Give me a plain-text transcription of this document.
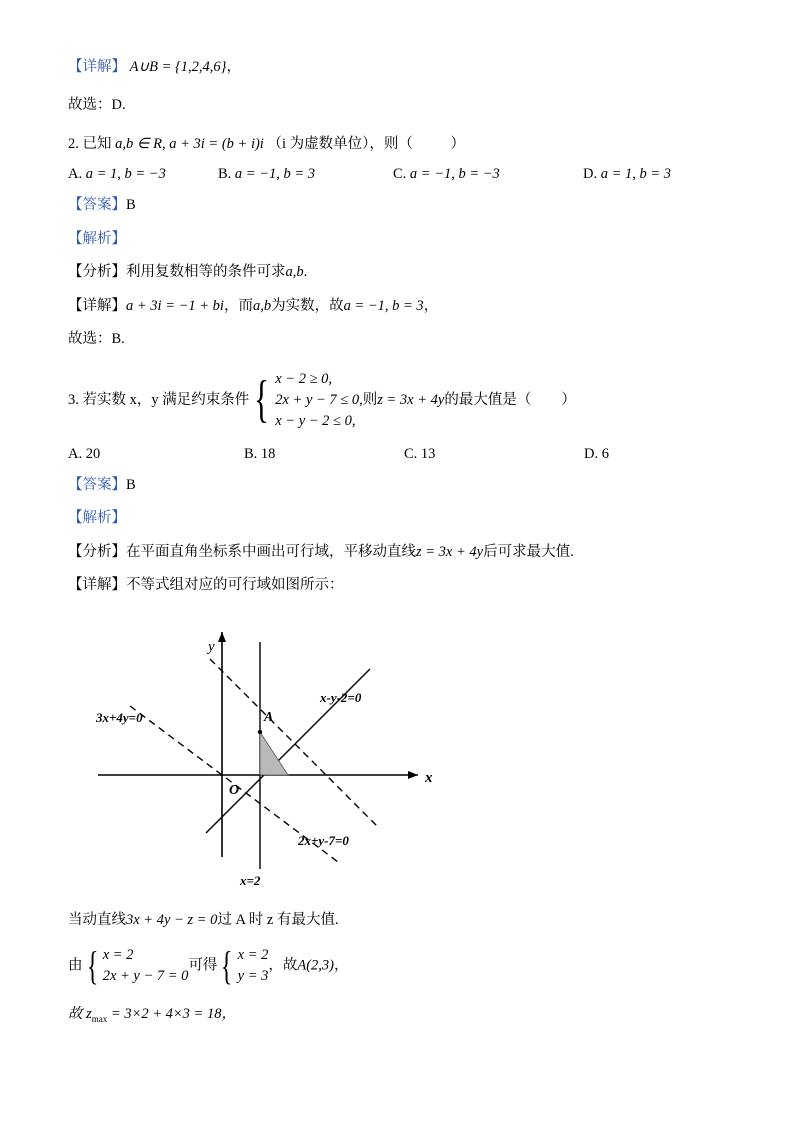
【详解】 A∪B = {1,2,4,6}，
故选：D.
2. 已知 a,b ∈ R, a + 3i = (b + i)i （i 为虚数单位），则（	）
A. a = 1, b = −3	B. a = −1, b = 3	C. a = −1, b = −3	D. a = 1, b = 3
【答案】B
【解析】
【分析】利用复数相等的条件可求a,b.
【详解】a + 3i = −1 + bi，而a,b为实数，故a = −1, b = 3，
故选：B.
3. 若实数 x，y 满足约束条件 { x − 2 ≥ 0,
2x + y − 7 ≤ 0,
x − y − 2 ≤ 0,
则z = 3x + 4y的最大值是（ ）
A. 20	B. 18	C. 13	D. 6
【答案】B
【解析】
【分析】在平面直角坐标系中画出可行域，平移动直线z = 3x + 4y后可求最大值.
【详解】不等式组对应的可行域如图所示：
y
x
O
A
3x+4y=0
x-y-2=0
2x+y-7=0
x=2
当动直线3x + 4y − z = 0过 A 时 z 有最大值.
由 { x = 2
2x + y − 7 = 0
可得 { x = 2
y = 3
，故A(2,3)，
故 $z_{max} = 3\times 2 + 4\times 3 = 18$，
